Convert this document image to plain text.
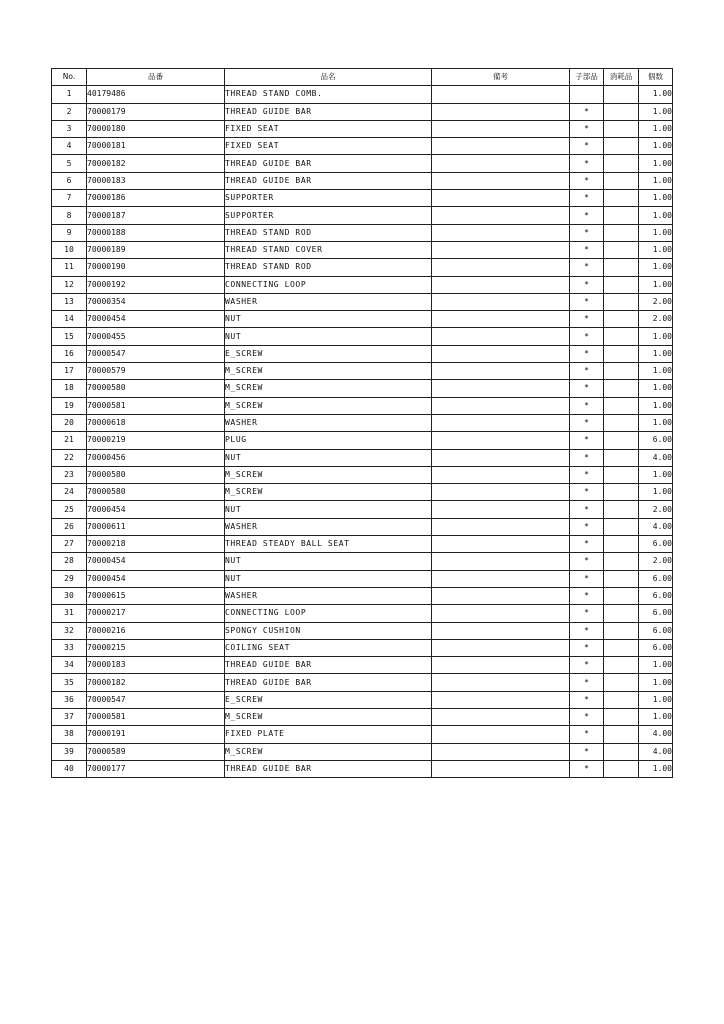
No.	品番	品名	備考	子部品	消耗品	個数
1	40179486	THREAD STAND COMB.				1.00
2	70000179	THREAD GUIDE BAR		*		1.00
3	70000180	FIXED SEAT		*		1.00
4	70000181	FIXED SEAT		*		1.00
5	70000182	THREAD GUIDE BAR		*		1.00
6	70000183	THREAD GUIDE BAR		*		1.00
7	70000186	SUPPORTER		*		1.00
8	70000187	SUPPORTER		*		1.00
9	70000188	THREAD STAND ROD		*		1.00
10	70000189	THREAD STAND COVER		*		1.00
11	70000190	THREAD STAND ROD		*		1.00
12	70000192	CONNECTING LOOP		*		1.00
13	70000354	WASHER		*		2.00
14	70000454	NUT		*		2.00
15	70000455	NUT		*		1.00
16	70000547	E_SCREW		*		1.00
17	70000579	M_SCREW		*		1.00
18	70000580	M_SCREW		*		1.00
19	70000581	M_SCREW		*		1.00
20	70000618	WASHER		*		1.00
21	70000219	PLUG		*		6.00
22	70000456	NUT		*		4.00
23	70000580	M_SCREW		*		1.00
24	70000580	M_SCREW		*		1.00
25	70000454	NUT		*		2.00
26	70000611	WASHER		*		4.00
27	70000218	THREAD STEADY BALL SEAT		*		6.00
28	70000454	NUT		*		2.00
29	70000454	NUT		*		6.00
30	70000615	WASHER		*		6.00
31	70000217	CONNECTING LOOP		*		6.00
32	70000216	SPONGY CUSHION		*		6.00
33	70000215	COILING SEAT		*		6.00
34	70000183	THREAD GUIDE BAR		*		1.00
35	70000182	THREAD GUIDE BAR		*		1.00
36	70000547	E_SCREW		*		1.00
37	70000581	M_SCREW		*		1.00
38	70000191	FIXED PLATE		*		4.00
39	70000589	M_SCREW		*		4.00
40	70000177	THREAD GUIDE BAR		*		1.00
